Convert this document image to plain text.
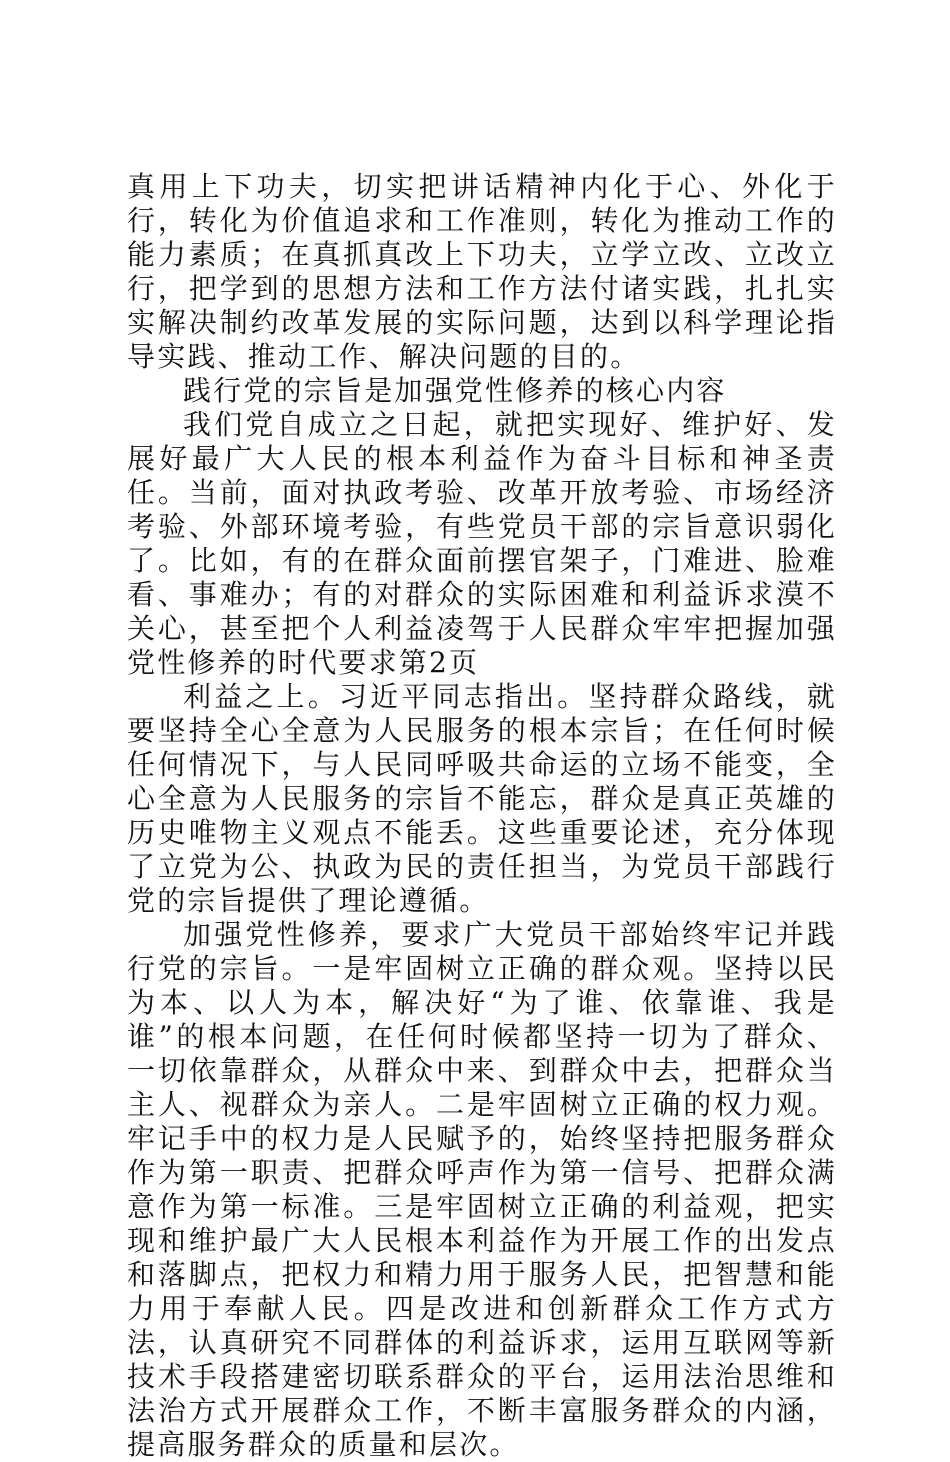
真用上下功夫，切实把讲话精神内化于心、外化于行，转化为价值追求和工作准则，转化为推动工作的能力素质；在真抓真改上下功夫，立学立改、立改立行，把学到的思想方法和工作方法付诸实践，扎扎实实解决制约改革发展的实际问题，达到以科学理论指导实践、推动工作、解决问题的目的。

践行党的宗旨是加强党性修养的核心内容

我们党自成立之日起，就把实现好、维护好、发展好最广大人民的根本利益作为奋斗目标和神圣责任。当前，面对执政考验、改革开放考验、市场经济考验、外部环境考验，有些党员干部的宗旨意识弱化了。比如，有的在群众面前摆官架子，门难进、脸难看、事难办；有的对群众的实际困难和利益诉求漠不关心，甚至把个人利益凌驾于人民群众牢牢把握加强党性修养的时代要求第2页

利益之上。习近平同志指出。坚持群众路线，就要坚持全心全意为人民服务的根本宗旨；在任何时候任何情况下，与人民同呼吸共命运的立场不能变，全心全意为人民服务的宗旨不能忘，群众是真正英雄的历史唯物主义观点不能丢。这些重要论述，充分体现了立党为公、执政为民的责任担当，为党员干部践行党的宗旨提供了理论遵循。

加强党性修养，要求广大党员干部始终牢记并践行党的宗旨。一是牢固树立正确的群众观。坚持以民为本、以人为本，解决好“为了谁、依靠谁、我是谁”的根本问题，在任何时候都坚持一切为了群众、一切依靠群众，从群众中来、到群众中去，把群众当主人、视群众为亲人。二是牢固树立正确的权力观。牢记手中的权力是人民赋予的，始终坚持把服务群众作为第一职责、把群众呼声作为第一信号、把群众满意作为第一标准。三是牢固树立正确的利益观，把实现和维护最广大人民根本利益作为开展工作的出发点和落脚点，把权力和精力用于服务人民，把智慧和能力用于奉献人民。四是改进和创新群众工作方式方法，认真研究不同群体的利益诉求，运用互联网等新技术手段搭建密切联系群众的平台，运用法治思维和法治方式开展群众工作，不断丰富服务群众的内涵，提高服务群众的质量和层次。
